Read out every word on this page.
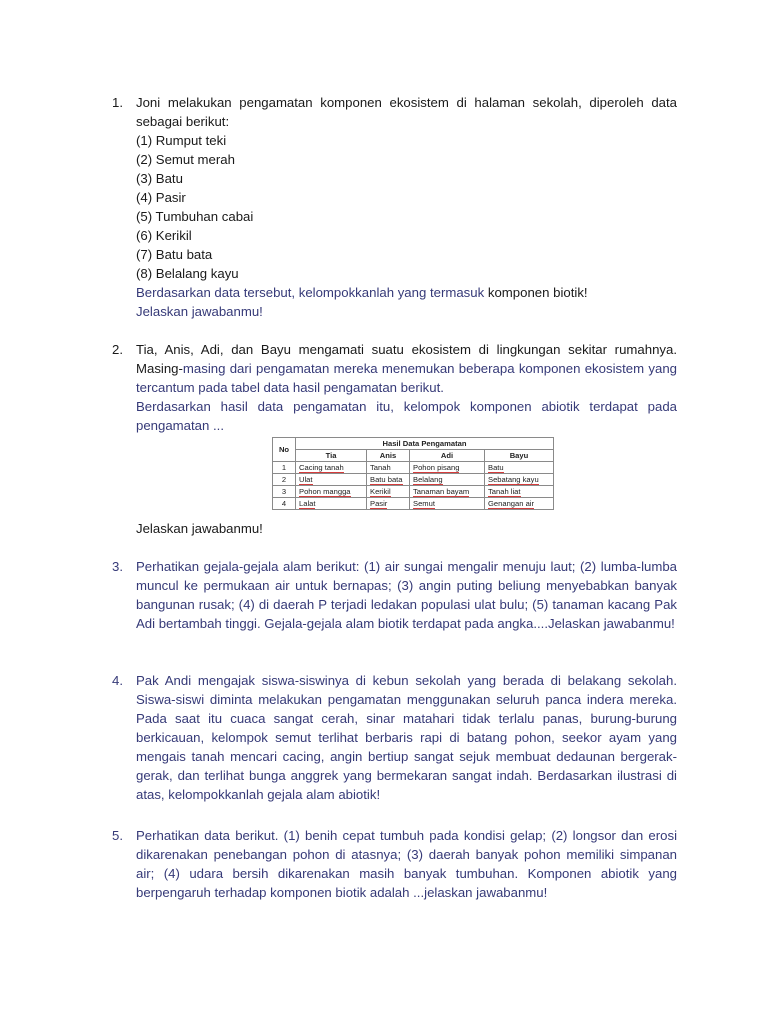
1. Joni melakukan pengamatan komponen ekosistem di halaman sekolah, diperoleh data sebagai berikut:

(1) Rumput teki

(2) Semut merah

(3) Batu

(4) Pasir

(5) Tumbuhan cabai

(6) Kerikil

(7) Batu bata

(8) Belalang kayu

Berdasarkan data tersebut, kelompokkanlah yang termasuk komponen biotik!

Jelaskan jawabanmu!

2. Tia, Anis, Adi, dan Bayu mengamati suatu ekosistem di lingkungan sekitar rumahnya. Masing-masing dari pengamatan mereka menemukan beberapa komponen ekosistem yang tercantum pada tabel data hasil pengamatan berikut.

Berdasarkan hasil data pengamatan itu, kelompok komponen abiotik terdapat pada pengamatan ...

No	Hasil Data Pengamatan			
	Tia	Anis	Adi	Bayu
1	Cacing tanah	Tanah	Pohon pisang	Batu
2	Ulat	Batu bata	Belalang	Sebatang kayu
3	Pohon mangga	Kerikil	Tanaman bayam	Tanah liat
4	Lalat	Pasir	Semut	Genangan air

Jelaskan jawabanmu!

3. Perhatikan gejala-gejala alam berikut: (1) air sungai mengalir menuju laut; (2) lumba-lumba muncul ke permukaan air untuk bernapas; (3) angin puting beliung menyebabkan banyak bangunan rusak; (4) di daerah P terjadi ledakan populasi ulat bulu; (5) tanaman kacang Pak Adi bertambah tinggi. Gejala-gejala alam biotik terdapat pada angka....Jelaskan jawabanmu!

4. Pak Andi mengajak siswa-siswinya di kebun sekolah yang berada di belakang sekolah. Siswa-siswi diminta melakukan pengamatan menggunakan seluruh panca indera mereka. Pada saat itu cuaca sangat cerah, sinar matahari tidak terlalu panas, burung-burung berkicauan, kelompok semut terlihat berbaris rapi di batang pohon, seekor ayam yang mengais tanah mencari cacing, angin bertiup sangat sejuk membuat dedaunan bergerak-gerak, dan terlihat bunga anggrek yang bermekaran sangat indah. Berdasarkan ilustrasi di atas, kelompokkanlah gejala alam abiotik!

5. Perhatikan data berikut. (1) benih cepat tumbuh pada kondisi gelap; (2) longsor dan erosi dikarenakan penebangan pohon di atasnya; (3) daerah banyak pohon memiliki simpanan air; (4) udara bersih dikarenakan masih banyak tumbuhan. Komponen abiotik yang berpengaruh terhadap komponen biotik adalah ...jelaskan jawabanmu!
